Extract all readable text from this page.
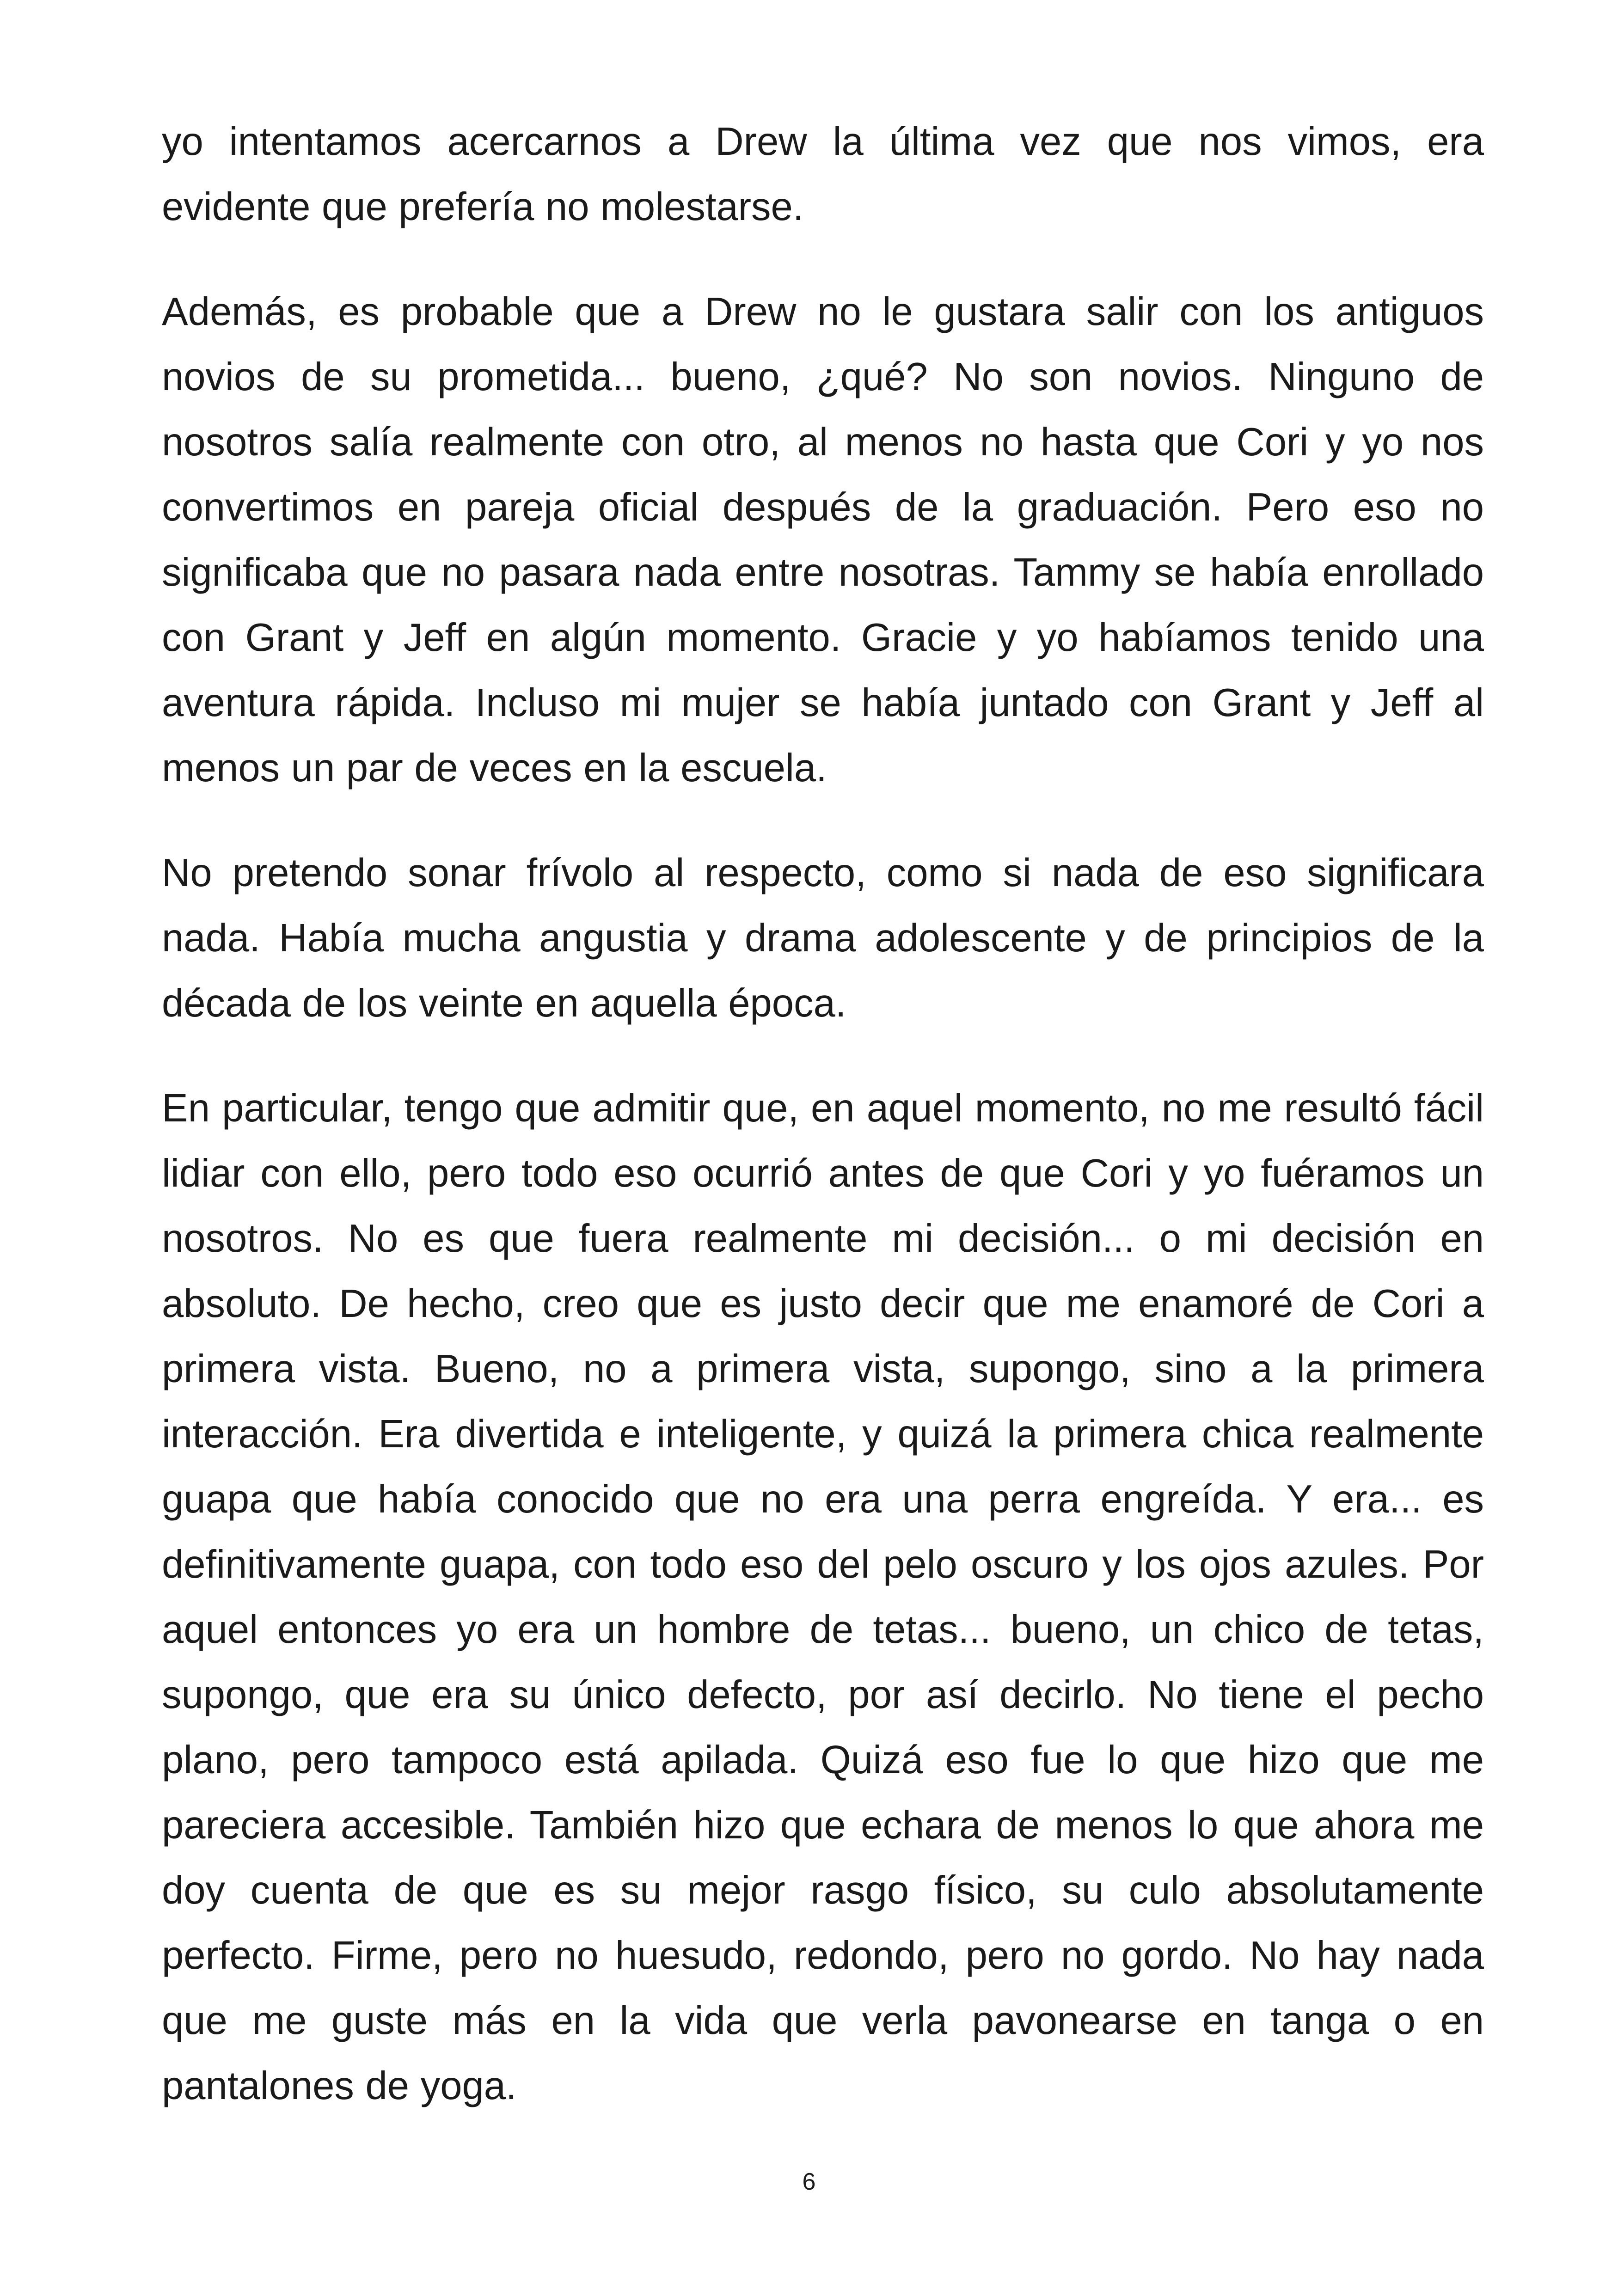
yo intentamos acercarnos a Drew la última vez que nos vimos, era evidente que prefería no molestarse.

Además, es probable que a Drew no le gustara salir con los antiguos novios de su prometida... bueno, ¿qué? No son novios. Ninguno de nosotros salía realmente con otro, al menos no hasta que Cori y yo nos convertimos en pareja oficial después de la graduación. Pero eso no significaba que no pasara nada entre nosotras. Tammy se había enrollado con Grant y Jeff en algún momento. Gracie y yo habíamos tenido una aventura rápida. Incluso mi mujer se había juntado con Grant y Jeff al menos un par de veces en la escuela.

No pretendo sonar frívolo al respecto, como si nada de eso significara nada. Había mucha angustia y drama adolescente y de principios de la década de los veinte en aquella época.

En particular, tengo que admitir que, en aquel momento, no me resultó fácil lidiar con ello, pero todo eso ocurrió antes de que Cori y yo fuéramos un nosotros. No es que fuera realmente mi decisión... o mi decisión en absoluto. De hecho, creo que es justo decir que me enamoré de Cori a primera vista. Bueno, no a primera vista, supongo, sino a la primera interacción. Era divertida e inteligente, y quizá la primera chica realmente guapa que había conocido que no era una perra engreída. Y era... es definitivamente guapa, con todo eso del pelo oscuro y los ojos azules. Por aquel entonces yo era un hombre de tetas... bueno, un chico de tetas, supongo, que era su único defecto, por así decirlo. No tiene el pecho plano, pero tampoco está apilada. Quizá eso fue lo que hizo que me pareciera accesible. También hizo que echara de menos lo que ahora me doy cuenta de que es su mejor rasgo físico, su culo absolutamente perfecto. Firme, pero no huesudo, redondo, pero no gordo. No hay nada que me guste más en la vida que verla pavonearse en tanga o en pantalones de yoga.

6
